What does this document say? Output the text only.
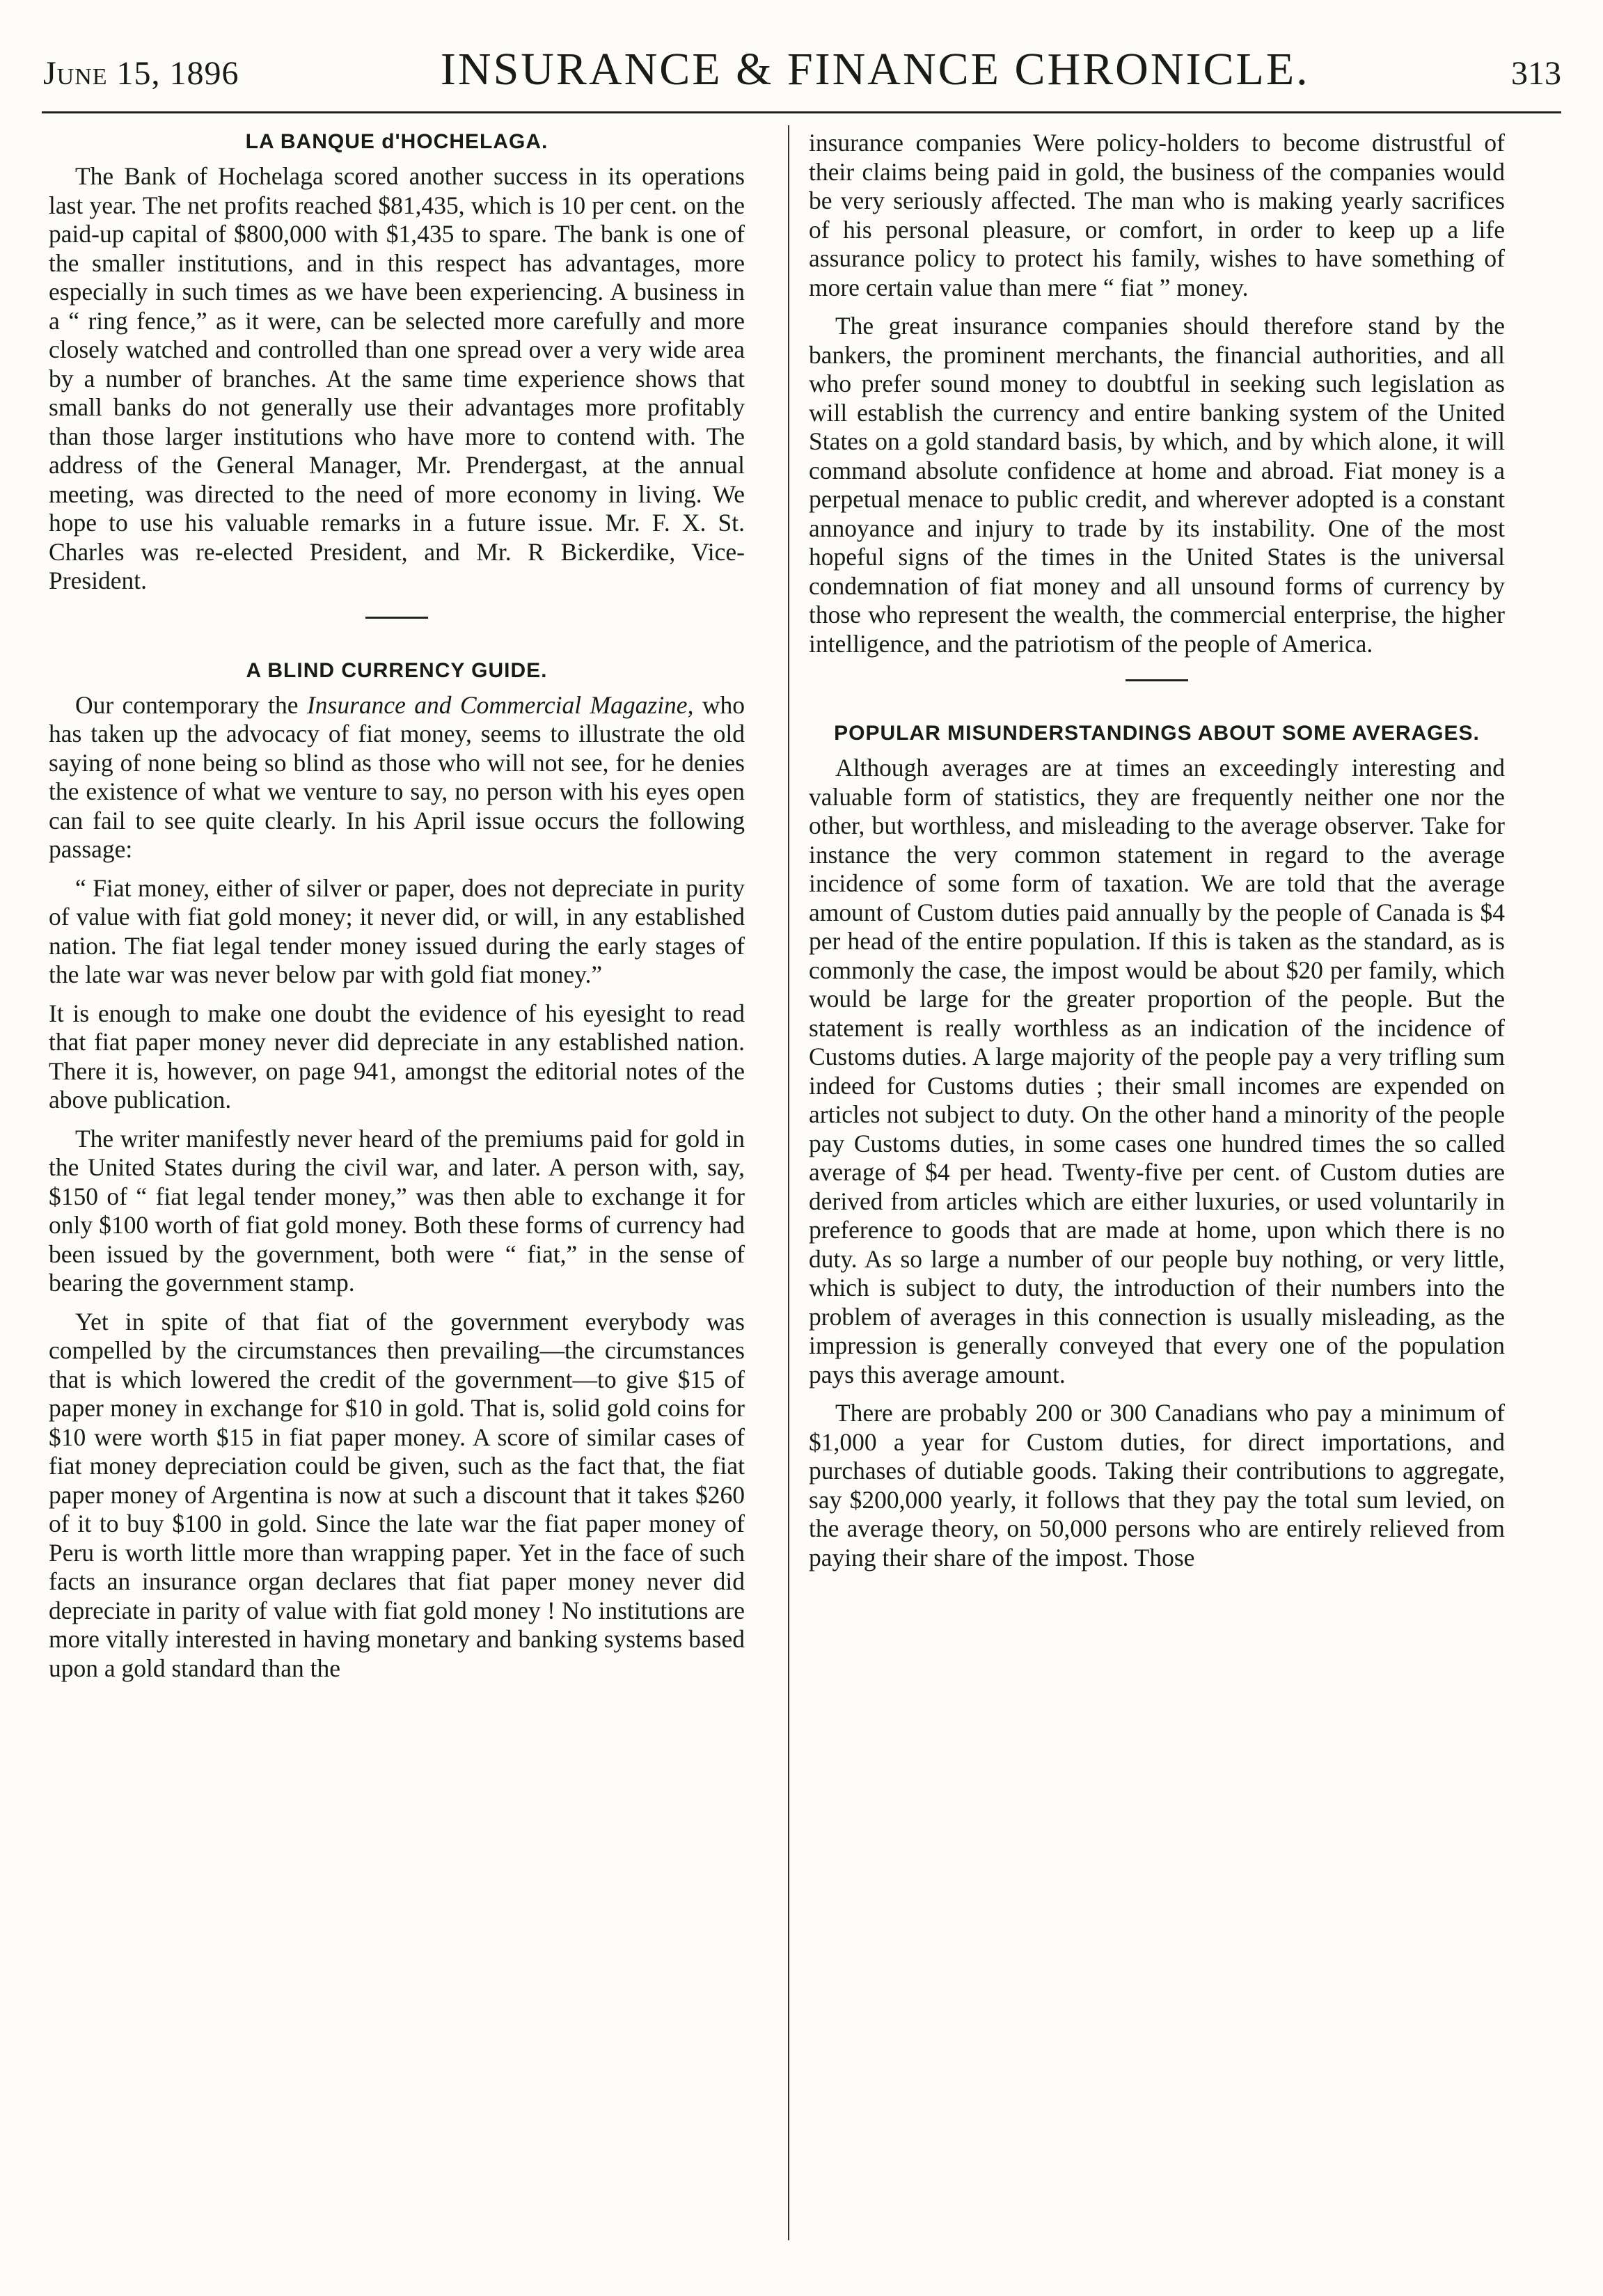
June 15, 1896	INSURANCE & FINANCE CHRONICLE.	313
LA BANQUE d'HOCHELAGA.

The Bank of Hochelaga scored another success in its operations last year. The net profits reached $81,435, which is 10 per cent. on the paid-up capital of $800,000 with $1,435 to spare. The bank is one of the smaller institutions, and in this respect has advantages, more especially in such times as we have been experiencing. A business in a “ ring fence,” as it were, can be selected more carefully and more closely watched and controlled than one spread over a very wide area by a number of branches. At the same time experience shows that small banks do not generally use their advantages more profitably than those larger institutions who have more to contend with. The address of the General Manager, Mr. Prendergast, at the annual meeting, was directed to the need of more economy in living. We hope to use his valuable remarks in a future issue. Mr. F. X. St. Charles was re-elected President, and Mr. R Bickerdike, Vice-President.

A BLIND CURRENCY GUIDE.

Our contemporary the Insurance and Commercial Magazine, who has taken up the advocacy of fiat money, seems to illustrate the old saying of none being so blind as those who will not see, for he denies the existence of what we venture to say, no person with his eyes open can fail to see quite clearly. In his April issue occurs the following passage:

“ Fiat money, either of silver or paper, does not depreciate in purity of value with fiat gold money; it never did, or will, in any established nation. The fiat legal tender money issued during the early stages of the late war was never below par with gold fiat money.”

It is enough to make one doubt the evidence of his eyesight to read that fiat paper money never did depreciate in any established nation. There it is, however, on page 941, amongst the editorial notes of the above publication.

The writer manifestly never heard of the premiums paid for gold in the United States during the civil war, and later. A person with, say, $150 of “ fiat legal tender money,” was then able to exchange it for only $100 worth of fiat gold money. Both these forms of currency had been issued by the government, both were “ fiat,” in the sense of bearing the government stamp.

Yet in spite of that fiat of the government everybody was compelled by the circumstances then prevailing—the circumstances that is which lowered the credit of the government—to give $15 of paper money in exchange for $10 in gold. That is, solid gold coins for $10 were worth $15 in fiat paper money. A score of similar cases of fiat money depreciation could be given, such as the fact that, the fiat paper money of Argentina is now at such a discount that it takes $260 of it to buy $100 in gold. Since the late war the fiat paper money of Peru is worth little more than wrapping paper. Yet in the face of such facts an insurance organ declares that fiat paper money never did depreciate in parity of value with fiat gold money ! No institutions are more vitally interested in having monetary and banking systems based upon a gold standard than the

insurance companies Were policy-holders to become distrustful of their claims being paid in gold, the business of the companies would be very seriously affected. The man who is making yearly sacrifices of his personal pleasure, or comfort, in order to keep up a life assurance policy to protect his family, wishes to have something of more certain value than mere “ fiat ” money.

The great insurance companies should therefore stand by the bankers, the prominent merchants, the financial authorities, and all who prefer sound money to doubtful in seeking such legislation as will establish the currency and entire banking system of the United States on a gold standard basis, by which, and by which alone, it will command absolute confidence at home and abroad. Fiat money is a perpetual menace to public credit, and wherever adopted is a constant annoyance and injury to trade by its instability. One of the most hopeful signs of the times in the United States is the universal condemnation of fiat money and all unsound forms of currency by those who represent the wealth, the commercial enterprise, the higher intelligence, and the patriotism of the people of America.

POPULAR MISUNDERSTANDINGS ABOUT SOME AVERAGES.

Although averages are at times an exceedingly interesting and valuable form of statistics, they are frequently neither one nor the other, but worthless, and misleading to the average observer. Take for instance the very common statement in regard to the average incidence of some form of taxation. We are told that the average amount of Custom duties paid annually by the people of Canada is $4 per head of the entire population. If this is taken as the standard, as is commonly the case, the impost would be about $20 per family, which would be large for the greater proportion of the people. But the statement is really worthless as an indication of the incidence of Customs duties. A large majority of the people pay a very trifling sum indeed for Customs duties ; their small incomes are expended on articles not subject to duty. On the other hand a minority of the people pay Customs duties, in some cases one hundred times the so called average of $4 per head. Twenty-five per cent. of Custom duties are derived from articles which are either luxuries, or used voluntarily in preference to goods that are made at home, upon which there is no duty. As so large a number of our people buy nothing, or very little, which is subject to duty, the introduction of their numbers into the problem of averages in this connection is usually misleading, as the impression is generally conveyed that every one of the population pays this average amount.

There are probably 200 or 300 Canadians who pay a minimum of $1,000 a year for Custom duties, for direct importations, and purchases of dutiable goods. Taking their contributions to aggregate, say $200,000 yearly, it follows that they pay the total sum levied, on the average theory, on 50,000 persons who are entirely relieved from paying their share of the impost. Those
